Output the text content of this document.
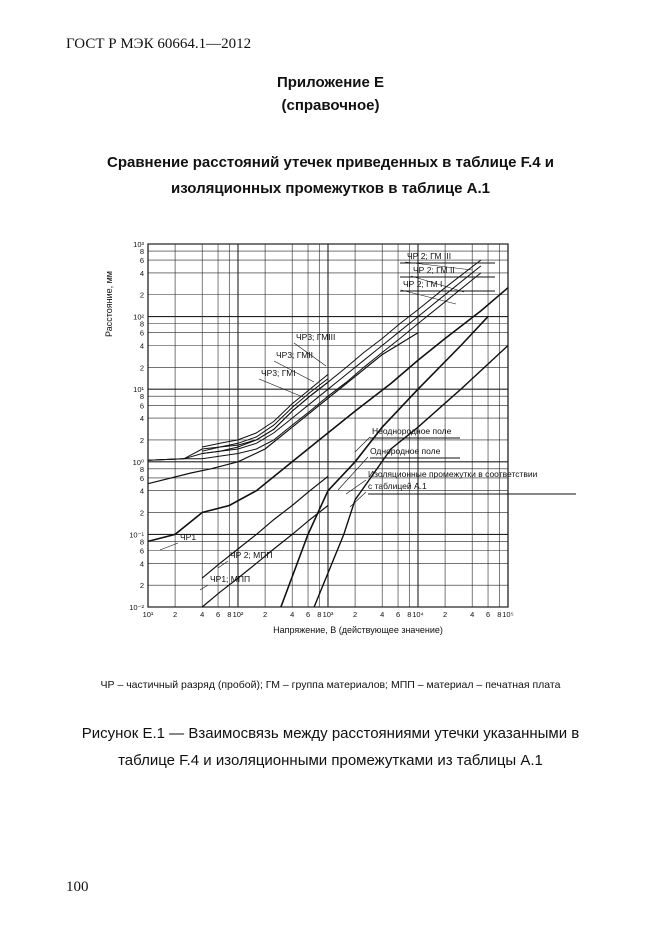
ГОСТ Р МЭК 60664.1—2012
Приложение Е
(справочное)
Сравнение расстояний утечек приведенных в таблице F.4 и
изоляционных промежутков в таблице А.1
10¹	2	4 6 8 10²	2	4 6 8 10³	2	4 6 8 10⁴	2	4 6 8 10⁵
10⁻²
2
4
6
8
10⁻¹
2
4
6
8
10⁰
2
4
6
8
10¹
2
4
6
8
10²
2
4
6
8
10³
Напряжение, В (действующее значение)
Расстояние, мм
ЧР 2; ГМ III
ЧР 2; ГМ II
ЧР 2; ГМ I
ЧР3; ГМIII
ЧР3; ГМII
ЧР3; ГМI
Неоднородное поле
Однородное поле
Изоляционные промежутки в соответствии
с таблицей А.1
ЧР1
ЧР 2; МПП
ЧР1; МПП
ЧР – частичный разряд (пробой); ГМ – группа материалов; МПП – материал – печатная плата
Рисунок Е.1 — Взаимосвязь между расстояниями утечки указанными в
таблице F.4 и изоляционными промежутками из таблицы А.1
100
